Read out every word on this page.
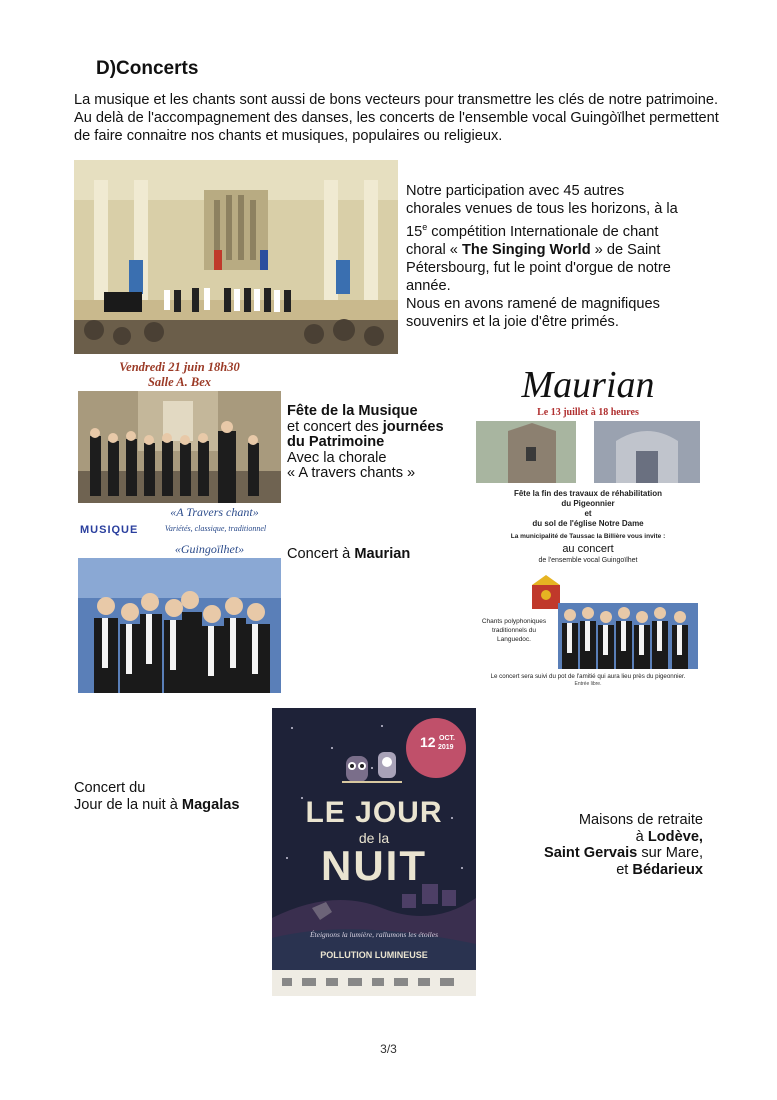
D)Concerts
La musique et les chants sont aussi de bons vecteurs pour transmettre les clés de notre patrimoine. Au delà de l'accompagnement des danses, les concerts de l'ensemble vocal Guingòïlhet permettent de faire connaitre nos chants et musiques, populaires ou religieux.
Notre participation avec 45 autres
chorales venues de tous les horizons, à la
15e compétition Internationale de chant
choral « The Singing World » de Saint
Pétersbourg, fut le point d'orgue de notre
année.
Nous en avons ramené de magnifiques
souvenirs et la joie d'être primés.
Vendredi 21 juin 18h30
Salle A. Bex
«A Travers chant»
MUSIQUE	Variétés, classique, traditionnel
«Guingoïlhet»
Fête de la Musique
et concert des journées
du Patrimoine
Avec la chorale
« A travers chants »
Concert à Maurian
Maurian
Le 13 juillet à 18 heures
Fête la fin des travaux de réhabilitation
du Pigeonnier
et
du sol de l'église Notre Dame
La municipalité de Taussac la Billière vous invite :
au concert
de l'ensemble vocal Guingoïlhet
Chants polyphoniques traditionnels du Languedoc.
Le concert sera suivi du pot de l'amitié qui aura lieu près du pigeonnier.
Entrée libre.
Concert du
Jour de la nuit à Magalas
12 OCT.
2019
LE JOUR
de la
NUIT
Éteignons la lumière, rallumons les étoiles
POLLUTION LUMINEUSE
Maisons de retraite
à Lodève,
Saint Gervais sur Mare,
et Bédarieux
3/3
